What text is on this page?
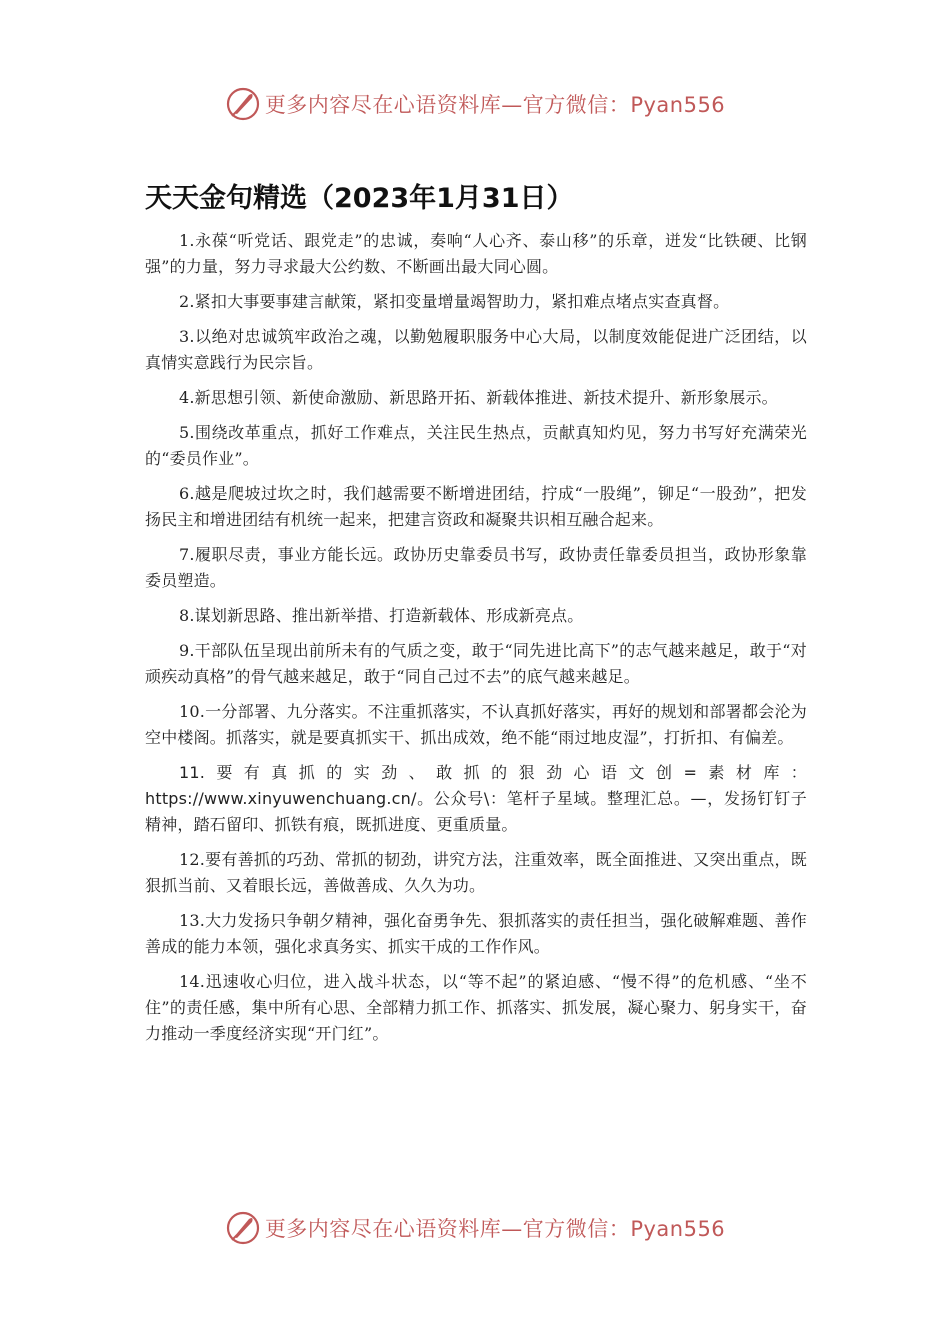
更多内容尽在心语资料库—官方微信：Pyan556
天天金句精选（2023年1月31日）

1.永葆“听党话、跟党走”的忠诚，奏响“人心齐、泰山移”的乐章，迸发“比铁硬、比钢强”的力量，努力寻求最大公约数、不断画出最大同心圆。

2.紧扣大事要事建言献策，紧扣变量增量竭智助力，紧扣难点堵点实查真督。

3.以绝对忠诚筑牢政治之魂，以勤勉履职服务中心大局，以制度效能促进广泛团结，以真情实意践行为民宗旨。

4.新思想引领、新使命激励、新思路开拓、新载体推进、新技术提升、新形象展示。

5.围绕改革重点，抓好工作难点，关注民生热点，贡献真知灼见，努力书写好充满荣光的“委员作业”。

6.越是爬坡过坎之时，我们越需要不断增进团结，拧成“一股绳”，铆足“一股劲”，把发扬民主和增进团结有机统一起来，把建言资政和凝聚共识相互融合起来。

7.履职尽责，事业方能长远。政协历史靠委员书写，政协责任靠委员担当，政协形象靠委员塑造。

8.谋划新思路、推出新举措、打造新载体、形成新亮点。

9.干部队伍呈现出前所未有的气质之变，敢于“同先进比高下”的志气越来越足，敢于“对顽疾动真格”的骨气越来越足，敢于“同自己过不去”的底气越来越足。

10.一分部署、九分落实。不注重抓落实，不认真抓好落实，再好的规划和部署都会沦为空中楼阁。抓落实，就是要真抓实干、抓出成效，绝不能“雨过地皮湿”，打折扣、有偏差。

11.要有真抓的实劲、敢抓的狠劲心语文创=素材库：https://www.xinyuwenchuang.cn/。公众号\：笔杆子星域。整理汇总。—，发扬钉钉子精神，踏石留印、抓铁有痕，既抓进度、更重质量。

12.要有善抓的巧劲、常抓的韧劲，讲究方法，注重效率，既全面推进、又突出重点，既狠抓当前、又着眼长远，善做善成、久久为功。

13.大力发扬只争朝夕精神，强化奋勇争先、狠抓落实的责任担当，强化破解难题、善作善成的能力本领，强化求真务实、抓实干成的工作作风。

14.迅速收心归位，进入战斗状态，以“等不起”的紧迫感、“慢不得”的危机感、“坐不住”的责任感，集中所有心思、全部精力抓工作、抓落实、抓发展，凝心聚力、躬身实干，奋力推动一季度经济实现“开门红”。

更多内容尽在心语资料库—官方微信：Pyan556
